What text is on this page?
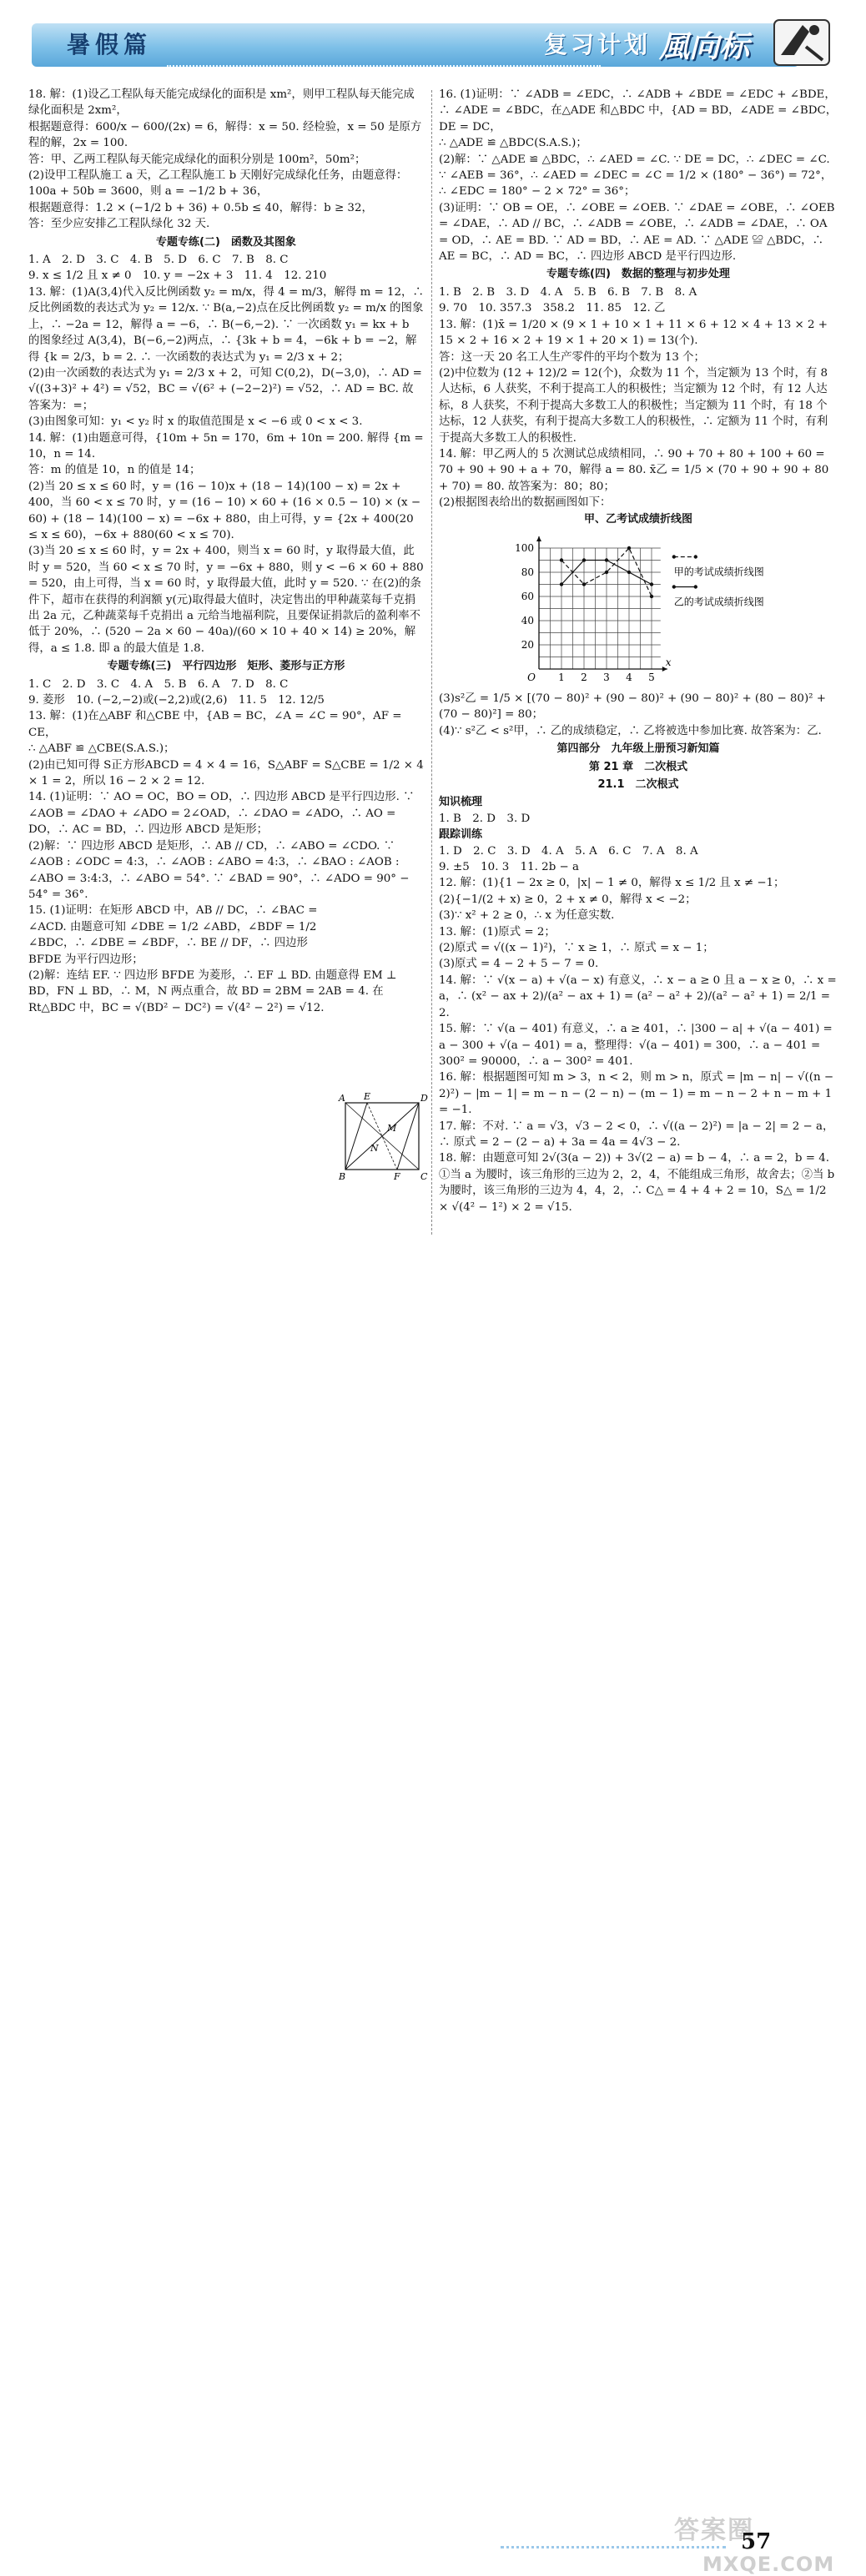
暑假篇	复习计划 風向标

18. 解：(1)设乙工程队每天能完成绿化的面积是 xm²，则甲工程队每天能完成绿化面积是 2xm²，

根据题意得：600/x − 600/(2x) = 6，解得：x = 50. 经检验，x = 50 是原方程的解，2x = 100.

答：甲、乙两工程队每天能完成绿化的面积分别是 100m²，50m²；

(2)设甲工程队施工 a 天，乙工程队施工 b 天刚好完成绿化任务，由题意得：100a + 50b = 3600，则 a = −1/2 b + 36，

根据题意得：1.2 × (−1/2 b + 36) + 0.5b ≤ 40，解得：b ≥ 32，

答：至少应安排乙工程队绿化 32 天.

专题专练(二)　函数及其图象

1. A　2. D　3. C　4. B　5. D　6. C　7. B　8. C

9. x ≤ 1/2 且 x ≠ 0　10. y = −2x + 3　11. 4　12. 210

13. 解：(1)A(3,4)代入反比例函数 y₂ = m/x，得 4 = m/3，解得 m = 12，∴ 反比例函数的表达式为 y₂ = 12/x. ∵ B(a,−2)点在反比例函数 y₂ = m/x 的图象上，∴ −2a = 12，解得 a = −6，∴ B(−6,−2). ∵ 一次函数 y₁ = kx + b 的图象经过 A(3,4)，B(−6,−2)两点，∴ {3k + b = 4，−6k + b = −2，解得 {k = 2/3，b = 2. ∴ 一次函数的表达式为 y₁ = 2/3 x + 2；

(2)由一次函数的表达式为 y₁ = 2/3 x + 2，可知 C(0,2)，D(−3,0)，∴ AD = √((3+3)² + 4²) = √52，BC = √(6² + (−2−2)²) = √52，∴ AD = BC. 故答案为：=；

(3)由图象可知：y₁ < y₂ 时 x 的取值范围是 x < −6 或 0 < x < 3.

14. 解：(1)由题意可得，{10m + 5n = 170，6m + 10n = 200. 解得 {m = 10，n = 14.

答：m 的值是 10，n 的值是 14；

(2)当 20 ≤ x ≤ 60 时，y = (16 − 10)x + (18 − 14)(100 − x) = 2x + 400，当 60 < x ≤ 70 时，y = (16 − 10) × 60 + (16 × 0.5 − 10) × (x − 60) + (18 − 14)(100 − x) = −6x + 880，由上可得，y = {2x + 400(20 ≤ x ≤ 60)，−6x + 880(60 < x ≤ 70).

(3)当 20 ≤ x ≤ 60 时，y = 2x + 400，则当 x = 60 时，y 取得最大值，此时 y = 520，当 60 < x ≤ 70 时，y = −6x + 880，则 y < −6 × 60 + 880 = 520，由上可得，当 x = 60 时，y 取得最大值，此时 y = 520. ∵ 在(2)的条件下，超市在获得的利润额 y(元)取得最大值时，决定售出的甲种蔬菜每千克捐出 2a 元，乙种蔬菜每千克捐出 a 元给当地福利院，且要保证捐款后的盈利率不低于 20%，∴ (520 − 2a × 60 − 40a)/(60 × 10 + 40 × 14) ≥ 20%，解得，a ≤ 1.8. 即 a 的最大值是 1.8.

专题专练(三)　平行四边形　矩形、菱形与正方形

1. C　2. D　3. C　4. A　5. B　6. A　7. D　8. C

9. 菱形　10. (−2,−2)或(−2,2)或(2,6)　11. 5　12. 12/5

13. 解：(1)在△ABF 和△CBE 中，{AB = BC，∠A = ∠C = 90°，AF = CE，

∴ △ABF ≌ △CBE(S.A.S.)；

(2)由已知可得 S正方形ABCD = 4 × 4 = 16，S△ABF = S△CBE = 1/2 × 4 × 1 = 2，所以 16 − 2 × 2 = 12.

14. (1)证明：∵ AO = OC，BO = OD，∴ 四边形 ABCD 是平行四边形. ∵ ∠AOB = ∠DAO + ∠ADO = 2∠OAD，∴ ∠DAO = ∠ADO，∴ AO = DO，∴ AC = BD，∴ 四边形 ABCD 是矩形；

(2)解：∵ 四边形 ABCD 是矩形，∴ AB // CD，∴ ∠ABO = ∠CDO. ∵ ∠AOB : ∠ODC = 4:3，∴ ∠AOB : ∠ABO = 4:3，∴ ∠BAO : ∠AOB : ∠ABO = 3:4:3，∴ ∠ABO = 54°. ∵ ∠BAD = 90°，∴ ∠ADO = 90° − 54° = 36°.

15. (1)证明：在矩形 ABCD 中，AB // DC，∴ ∠BAC = ∠ACD. 由题意可知 ∠DBE = 1/2 ∠ABD，∠BDF = 1/2 ∠BDC，∴ ∠DBE = ∠BDF，∴ BE // DF，∴ 四边形 BFDE 为平行四边形；

(2)解：连结 EF. ∵ 四边形 BFDE 为菱形，∴ EF ⊥ BD. 由题意得 EM ⊥ BD，FN ⊥ BD，∴ M，N 两点重合，故 BD = 2BM = 2AB = 4. 在 Rt△BDC 中，BC = √(BD² − DC²) = √(4² − 2²) = √12.

A E	D
M
N
B	F C

16. (1)证明：∵ ∠ADB = ∠EDC，∴ ∠ADB + ∠BDE = ∠EDC + ∠BDE，∴ ∠ADE = ∠BDC，在△ADE 和△BDC 中，{AD = BD，∠ADE = ∠BDC，DE = DC，

∴ △ADE ≌ △BDC(S.A.S.)；

(2)解：∵ △ADE ≌ △BDC，∴ ∠AED = ∠C. ∵ DE = DC，∴ ∠DEC = ∠C. ∵ ∠AEB = 36°，∴ ∠AED = ∠DEC = ∠C = 1/2 × (180° − 36°) = 72°，∴ ∠EDC = 180° − 2 × 72° = 36°；

(3)证明：∵ OB = OE，∴ ∠OBE = ∠OEB. ∵ ∠DAE = ∠OBE，∴ ∠OEB = ∠DAE，∴ AD // BC，∴ ∠ADB = ∠OBE，∴ ∠ADB = ∠DAE，∴ OA = OD，∴ AE = BD. ∵ AD = BD，∴ AE = AD. ∵ △ADE ≌ △BDC，∴ AE = BC，∴ AD = BC，∴ 四边形 ABCD 是平行四边形.

专题专练(四)　数据的整理与初步处理

1. B　2. B　3. D　4. A　5. B　6. B　7. B　8. A

9. 70　10. 357.3　358.2　11. 85　12. 乙

13. 解：(1)x̄ = 1/20 × (9 × 1 + 10 × 1 + 11 × 6 + 12 × 4 + 13 × 2 + 15 × 2 + 16 × 2 + 19 × 1 + 20 × 1) = 13(个).

答：这一天 20 名工人生产零件的平均个数为 13 个；

(2)中位数为 (12 + 12)/2 = 12(个)，众数为 11 个，当定额为 13 个时，有 8 人达标，6 人获奖，不利于提高工人的积极性；当定额为 12 个时，有 12 人达标，8 人获奖，不利于提高大多数工人的积极性；当定额为 11 个时，有 18 个达标，12 人获奖，有利于提高大多数工人的积极性，∴ 定额为 11 个时，有利于提高大多数工人的积极性.

14. 解：甲乙两人的 5 次测试总成绩相同，∴ 90 + 70 + 80 + 100 + 60 = 70 + 90 + 90 + a + 70，解得 a = 80. x̄乙 = 1/5 × (70 + 90 + 90 + 80 + 70) = 80. 故答案为：80；80；

(2)根据图表给出的数据画图如下：

甲、乙考试成绩折线图

20
40
60
80
100
O 1 2 3 4 5
x
甲的考试成绩折线图
乙的考试成绩折线图

(3)s²乙 = 1/5 × [(70 − 80)² + (90 − 80)² + (90 − 80)² + (80 − 80)² + (70 − 80)²] = 80；

(4)∵ s²乙 < s²甲，∴ 乙的成绩稳定，∴ 乙将被选中参加比赛. 故答案为：乙.

第四部分　九年级上册预习新知篇

第 21 章　二次根式

21.1　二次根式

知识梳理

1. B　2. D　3. D

跟踪训练

1. D　2. C　3. D　4. A　5. A　6. C　7. A　8. A

9. ±5　10. 3　11. 2b − a

12. 解：(1){1 − 2x ≥ 0，|x| − 1 ≠ 0，解得 x ≤ 1/2 且 x ≠ −1；

(2){−1/(2 + x) ≥ 0，2 + x ≠ 0，解得 x < −2；

(3)∵ x² + 2 ≥ 0，∴ x 为任意实数.

13. 解：(1)原式 = 2；

(2)原式 = √((x − 1)²)，∵ x ≥ 1，∴ 原式 = x − 1；

(3)原式 = 4 − 2 + 5 − 7 = 0.

14. 解：∵ √(x − a) + √(a − x) 有意义，∴ x − a ≥ 0 且 a − x ≥ 0，∴ x = a，∴ (x² − ax + 2)/(a² − ax + 1) = (a² − a² + 2)/(a² − a² + 1) = 2/1 = 2.

15. 解：∵ √(a − 401) 有意义，∴ a ≥ 401，∴ |300 − a| + √(a − 401) = a − 300 + √(a − 401) = a，整理得：√(a − 401) = 300，∴ a − 401 = 300² = 90000，∴ a − 300² = 401.

16. 解：根据题图可知 m > 3，n < 2，则 m > n，原式 = |m − n| − √((n − 2)²) − |m − 1| = m − n − (2 − n) − (m − 1) = m − n − 2 + n − m + 1 = −1.

17. 解：不对. ∵ a = √3，√3 − 2 < 0，∴ √((a − 2)²) = |a − 2| = 2 − a，∴ 原式 = 2 − (2 − a) + 3a = 4a = 4√3 − 2.

18. 解：由题意可知 2√(3(a − 2)) + 3√(2 − a) = b − 4，∴ a = 2，b = 4. ①当 a 为腰时，该三角形的三边为 2，2，4，不能组成三角形，故舍去；②当 b 为腰时，该三角形的三边为 4，4，2，∴ C△ = 4 + 4 + 2 = 10，S△ = 1/2 × √(4² − 1²) × 2 = √15.

答案圈
MXQE.COM
57
